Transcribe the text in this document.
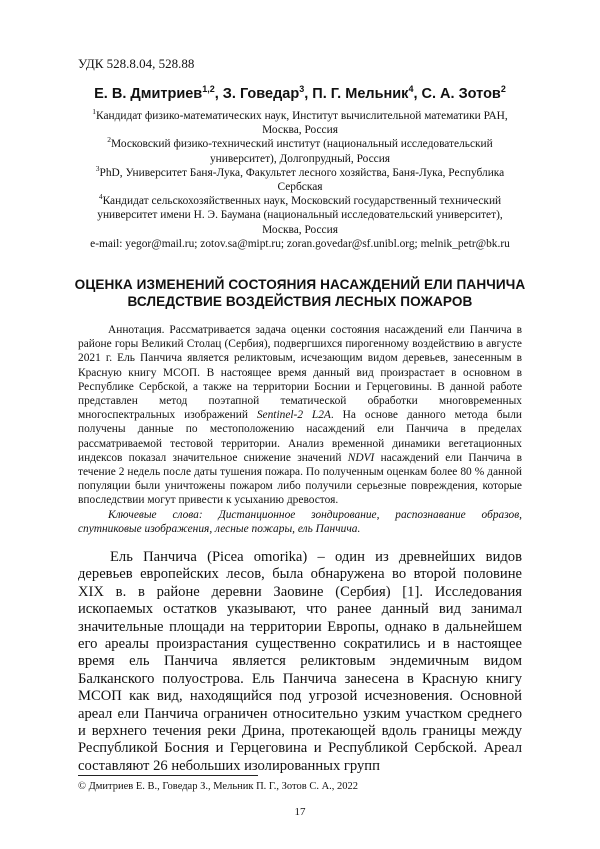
УДК 528.8.04, 528.88
Е. В. Дмитриев$^{1,2}$, З. Говедар$^3$, П. Г. Мельник$^4$, С. А. Зотов$^2$

$^1$Кандидат физико-математических наук, Институт вычислительной математики РАН, Москва, Россия

$^2$Московский физико-технический институт (национальный исследовательский университет), Долгопрудный, Россия

$^3$PhD, Университет Баня-Лука, Факультет лесного хозяйства, Баня-Лука, Республика Сербская

$^4$Кандидат сельскохозяйственных наук, Московский государственный технический университет имени Н. Э. Баумана (национальный исследовательский университет), Москва, Россия

e-mail: yegor@mail.ru; zotov.sa@mipt.ru; zoran.govedar@sf.unibl.org; melnik_petr@bk.ru

ОЦЕНКА ИЗМЕНЕНИЙ СОСТОЯНИЯ НАСАЖДЕНИЙ ЕЛИ ПАНЧИЧА ВСЛЕДСТВИЕ ВОЗДЕЙСТВИЯ ЛЕСНЫХ ПОЖАРОВ

Аннотация. Рассматривается задача оценки состояния насаждений ели Панчича в районе горы Великий Столац (Сербия), подвергшихся пирогенному воздействию в августе 2021 г. Ель Панчича является реликтовым, исчезающим видом деревьев, занесенным в Красную книгу МСОП. В настоящее время данный вид произрастает в основном в Республике Сербской, а также на территории Боснии и Герцеговины. В данной работе представлен метод поэтапной тематической обработки многовременных многоспектральных изображений Sentinel-2 L2A. На основе данного метода были получены данные по местоположению насаждений ели Панчича в пределах рассматриваемой тестовой территории. Анализ временной динамики вегетационных индексов показал значительное снижение значений NDVI насаждений ели Панчича в течение 2 недель после даты тушения пожара. По полученным оценкам более 80 % данной популяции были уничтожены пожаром либо получили серьезные повреждения, которые впоследствии могут привести к усыханию древостоя.

Ключевые слова: Дистанционное зондирование, распознавание образов, спутниковые изображения, лесные пожары, ель Панчича.

Ель Панчича (Picea omorika) – один из древнейших видов деревьев европейских лесов, была обнаружена во второй половине XIX в. в районе деревни Заовине (Сербия) [1]. Исследования ископаемых остатков указывают, что ранее данный вид занимал значительные площади на территории Европы, однако в дальнейшем его ареалы произрастания существенно сократились и в настоящее время ель Панчича является реликтовым эндемичным видом Балканского полуострова. Ель Панчича занесена в Красную книгу МСОП как вид, находящийся под угрозой исчезновения. Основной ареал ели Панчича ограничен относительно узким участком среднего и верхнего течения реки Дрина, протекающей вдоль границы между Республикой Босния и Герцеговина и Республикой Сербской. Ареал составляют 26 небольших изолированных групп

© Дмитриев Е. В., Говедар З., Мельник П. Г., Зотов С. А., 2022
17
